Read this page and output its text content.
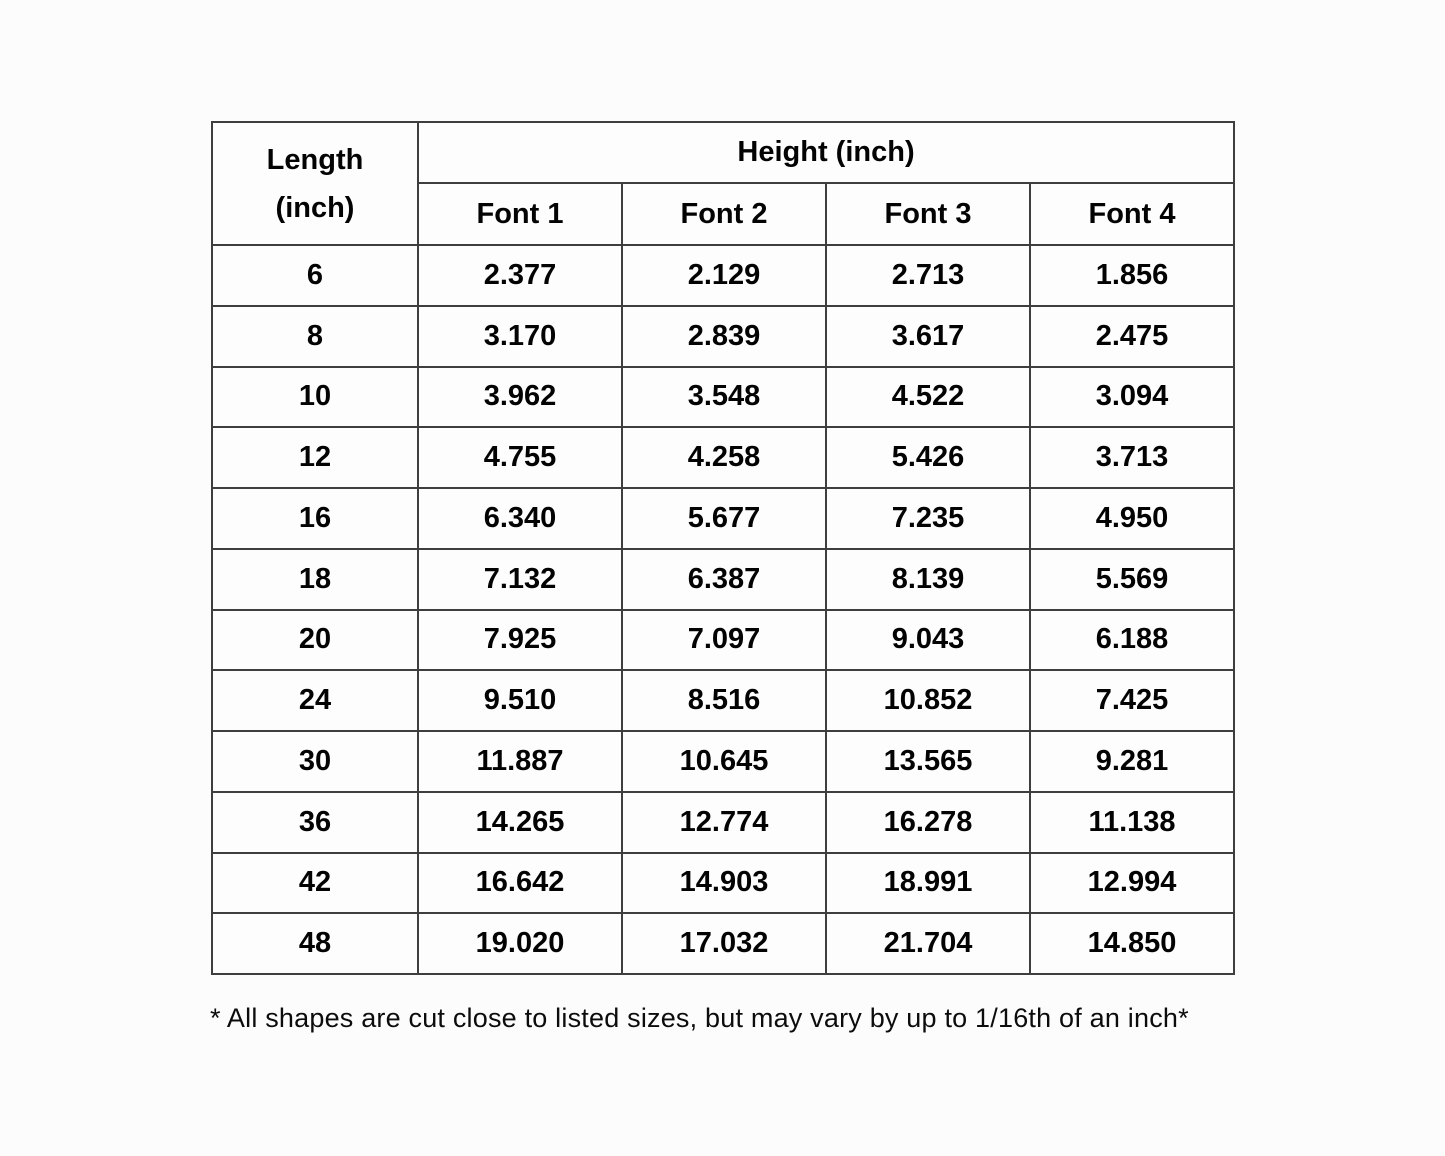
Length
(inch)	Height (inch)			
	Font 1	Font 2	Font 3	Font 4
6	2.377	2.129	2.713	1.856
8	3.170	2.839	3.617	2.475
10	3.962	3.548	4.522	3.094
12	4.755	4.258	5.426	3.713
16	6.340	5.677	7.235	4.950
18	7.132	6.387	8.139	5.569
20	7.925	7.097	9.043	6.188
24	9.510	8.516	10.852	7.425
30	11.887	10.645	13.565	9.281
36	14.265	12.774	16.278	11.138
42	16.642	14.903	18.991	12.994
48	19.020	17.032	21.704	14.850
* All shapes are cut close to listed sizes, but may vary by up to 1/16th of an inch*
